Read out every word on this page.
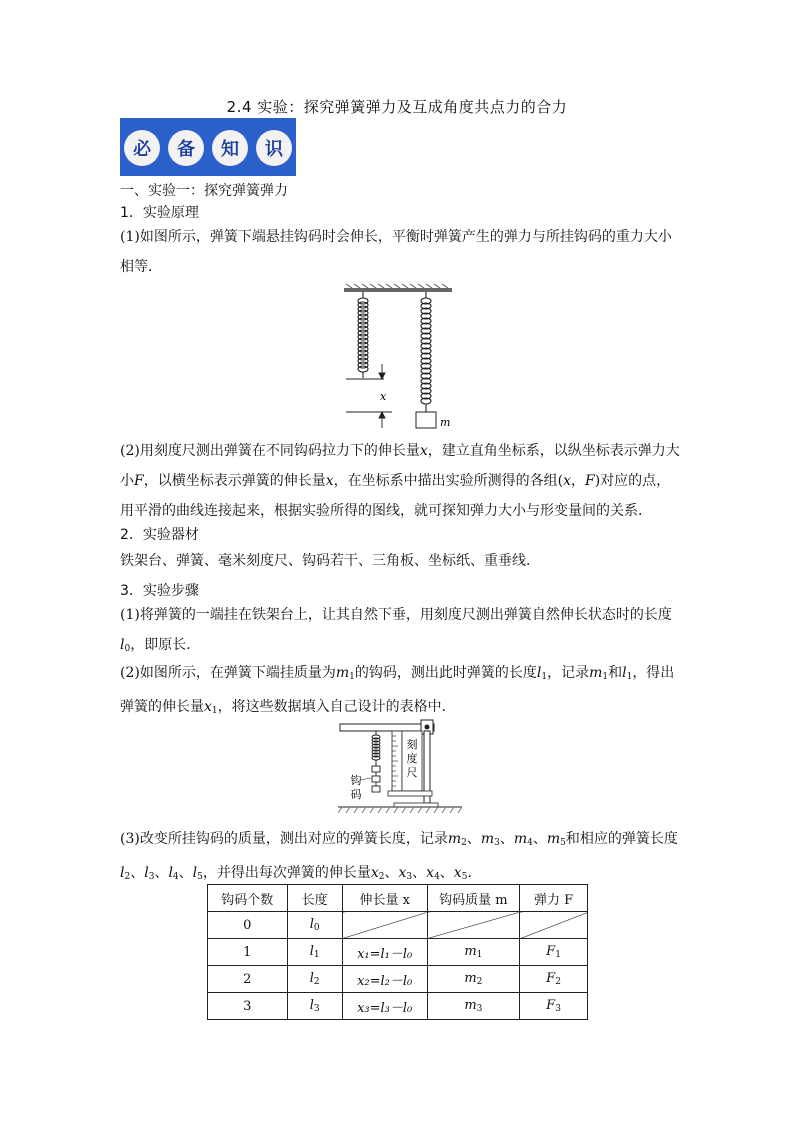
2.4 实验：探究弹簧弹力及互成角度共点力的合力
必 备 知 识
一、实验一：探究弹簧弹力
1．实验原理
(1)如图所示，弹簧下端悬挂钩码时会伸长，平衡时弹簧产生的弹力与所挂钩码的重力大小相等．
x
m
(2)用刻度尺测出弹簧在不同钩码拉力下的伸长量x，建立直角坐标系，以纵坐标表示弹力大小F，以横坐标表示弹簧的伸长量x，在坐标系中描出实验所测得的各组(x，F)对应的点，用平滑的曲线连接起来，根据实验所得的图线，就可探知弹力大小与形变量间的关系．
2．实验器材
铁架台、弹簧、毫米刻度尺、钩码若干、三角板、坐标纸、重垂线．
3．实验步骤
(1)将弹簧的一端挂在铁架台上，让其自然下垂，用刻度尺测出弹簧自然伸长状态时的长度$l_0$，即原长．
(2)如图所示，在弹簧下端挂质量为$m_1$的钩码，测出此时弹簧的长度$l_1$，记录$m_1$和$l_1$，得出弹簧的伸长量$x_1$，将这些数据填入自己设计的表格中．
刻
度
尺
钩
码
(3)改变所挂钩码的质量，测出对应的弹簧长度，记录$m_2$、$m_3$、$m_4$、$m_5$和相应的弹簧长度
$l_2$、$l_3$、$l_4$、$l_5$，并得出每次弹簧的伸长量$x_2$、$x_3$、$x_4$、$x_5$.
钩码个数	长度	伸长量 x	钩码质量 m	弹力 F
0	$l_0$			
1	$l_1$	x₁=l₁－l₀	$m_1$	$F_1$
2	$l_2$	x₂=l₂－l₀	$m_2$	$F_2$
3	$l_3$	x₃=l₃－l₀	$m_3$	$F_3$
